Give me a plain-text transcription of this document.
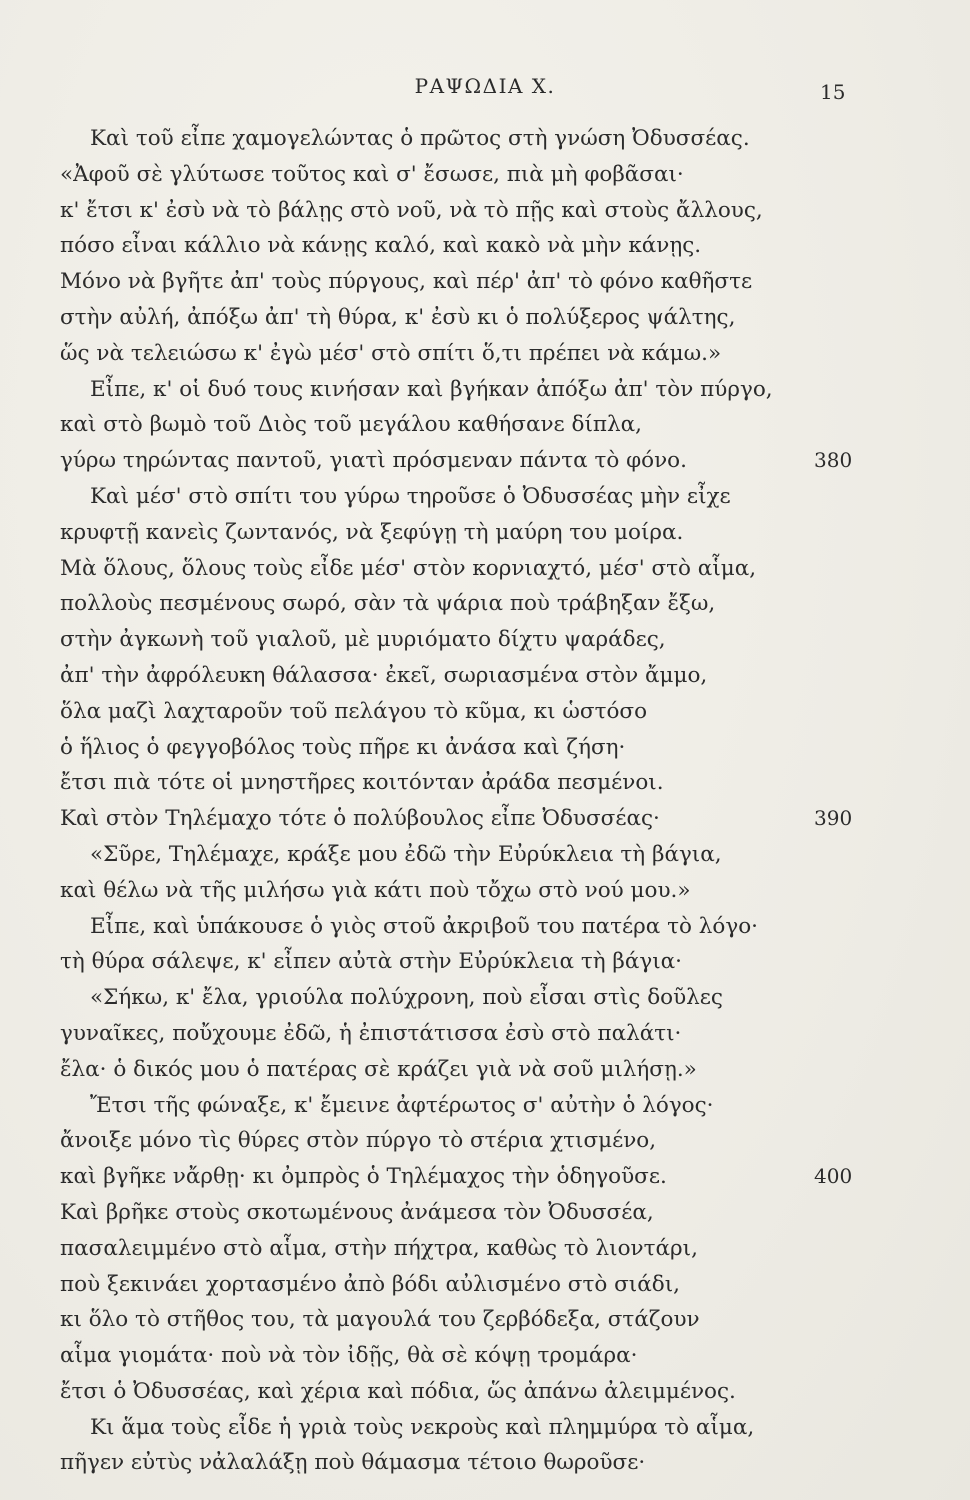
ΡΑΨΩΔΙΑ Χ.	15
Καὶ τοῦ εἶπε χαμογελώντας ὁ πρῶτος στὴ γνώση Ὀδυσσέας.
«Ἀφοῦ σὲ γλύτωσε τοῦτος καὶ σ' ἔσωσε, πιὰ μὴ φοβᾶσαι·
κ' ἔτσι κ' ἐσὺ νὰ τὸ βάλῃς στὸ νοῦ, νὰ τὸ πῇς καὶ στοὺς ἄλλους,
πόσο εἶναι κάλλιο νὰ κάνῃς καλό, καὶ κακὸ νὰ μὴν κάνῃς.
Μόνο νὰ βγῆτε ἀπ' τοὺς πύργους, καὶ πέρ' ἀπ' τὸ φόνο καθῆστε
στὴν αὐλή, ἀπόξω ἀπ' τὴ θύρα, κ' ἐσὺ κι ὁ πολύξερος ψάλτης,
ὥς νὰ τελειώσω κ' ἐγὼ μέσ' στὸ σπίτι ὅ,τι πρέπει νὰ κάμω.»
Εἶπε, κ' οἱ δυό τους κινήσαν καὶ βγήκαν ἀπόξω ἀπ' τὸν πύργο,
καὶ στὸ βωμὸ τοῦ Διὸς τοῦ μεγάλου καθήσανε δίπλα,
γύρω τηρώντας παντοῦ, γιατὶ πρόσμεναν πάντα τὸ φόνο.	380
Καὶ μέσ' στὸ σπίτι του γύρω τηροῦσε ὁ Ὀδυσσέας μὴν εἶχε
κρυφτῇ κανεὶς ζωντανός, νὰ ξεφύγῃ τὴ μαύρη του μοίρα.
Μὰ ὅλους, ὅλους τοὺς εἶδε μέσ' στὸν κορνιαχτό, μέσ' στὸ αἷμα,
πολλοὺς πεσμένους σωρό, σὰν τὰ ψάρια ποὺ τράβηξαν ἔξω,
στὴν ἀγκωνὴ τοῦ γιαλοῦ, μὲ μυριόματο δίχτυ ψαράδες,
ἀπ' τὴν ἀφρόλευκη θάλασσα· ἐκεῖ, σωριασμένα στὸν ἄμμο,
ὅλα μαζὶ λαχταροῦν τοῦ πελάγου τὸ κῦμα, κι ὡστόσο
ὁ ἥλιος ὁ φεγγοβόλος τοὺς πῆρε κι ἀνάσα καὶ ζήση·
ἔτσι πιὰ τότε οἱ μνηστῆρες κοιτόνταν ἀράδα πεσμένοι.
Καὶ στὸν Τηλέμαχο τότε ὁ πολύβουλος εἶπε Ὀδυσσέας·	390
«Σῦρε, Τηλέμαχε, κράξε μου ἐδῶ τὴν Εὐρύκλεια τὴ βάγια,
καὶ θέλω νὰ τῆς μιλήσω γιὰ κάτι ποὺ τὄχω στὸ νού μου.»
Εἶπε, καὶ ὑπάκουσε ὁ γιὸς στοῦ ἀκριβοῦ του πατέρα τὸ λόγο·
τὴ θύρα σάλεψε, κ' εἶπεν αὐτὰ στὴν Εὐρύκλεια τὴ βάγια·
«Σήκω, κ' ἔλα, γριούλα πολύχρονη, ποὺ εἶσαι στὶς δοῦλες
γυναῖκες, ποὔχουμε ἐδῶ, ἡ ἐπιστάτισσα ἐσὺ στὸ παλάτι·
ἔλα· ὁ δικός μου ὁ πατέρας σὲ κράζει γιὰ νὰ σοῦ μιλήσῃ.»
Ἔτσι τῆς φώναξε, κ' ἔμεινε ἀφτέρωτος σ' αὐτὴν ὁ λόγος·
ἄνοιξε μόνο τὶς θύρες στὸν πύργο τὸ στέρια χτισμένο,
καὶ βγῆκε νἄρθῃ· κι ὀμπρὸς ὁ Τηλέμαχος τὴν ὁδηγοῦσε.	400
Καὶ βρῆκε στοὺς σκοτωμένους ἀνάμεσα τὸν Ὀδυσσέα,
πασαλειμμένο στὸ αἷμα, στὴν πήχτρα, καθὼς τὸ λιοντάρι,
ποὺ ξεκινάει χορτασμένο ἀπὸ βόδι αὐλισμένο στὸ σιάδι,
κι ὅλο τὸ στῆθος του, τὰ μαγουλά του ζερβόδεξα, στάζουν
αἷμα γιομάτα· ποὺ νὰ τὸν ἰδῇς, θὰ σὲ κόψῃ τρομάρα·
ἔτσι ὁ Ὀδυσσέας, καὶ χέρια καὶ πόδια, ὥς ἀπάνω ἀλειμμένος.
Κι ἅμα τοὺς εἶδε ἡ γριὰ τοὺς νεκροὺς καὶ πλημμύρα τὸ αἷμα,
πῆγεν εὐτὺς νἀλαλάξῃ ποὺ θάμασμα τέτοιο θωροῦσε·
